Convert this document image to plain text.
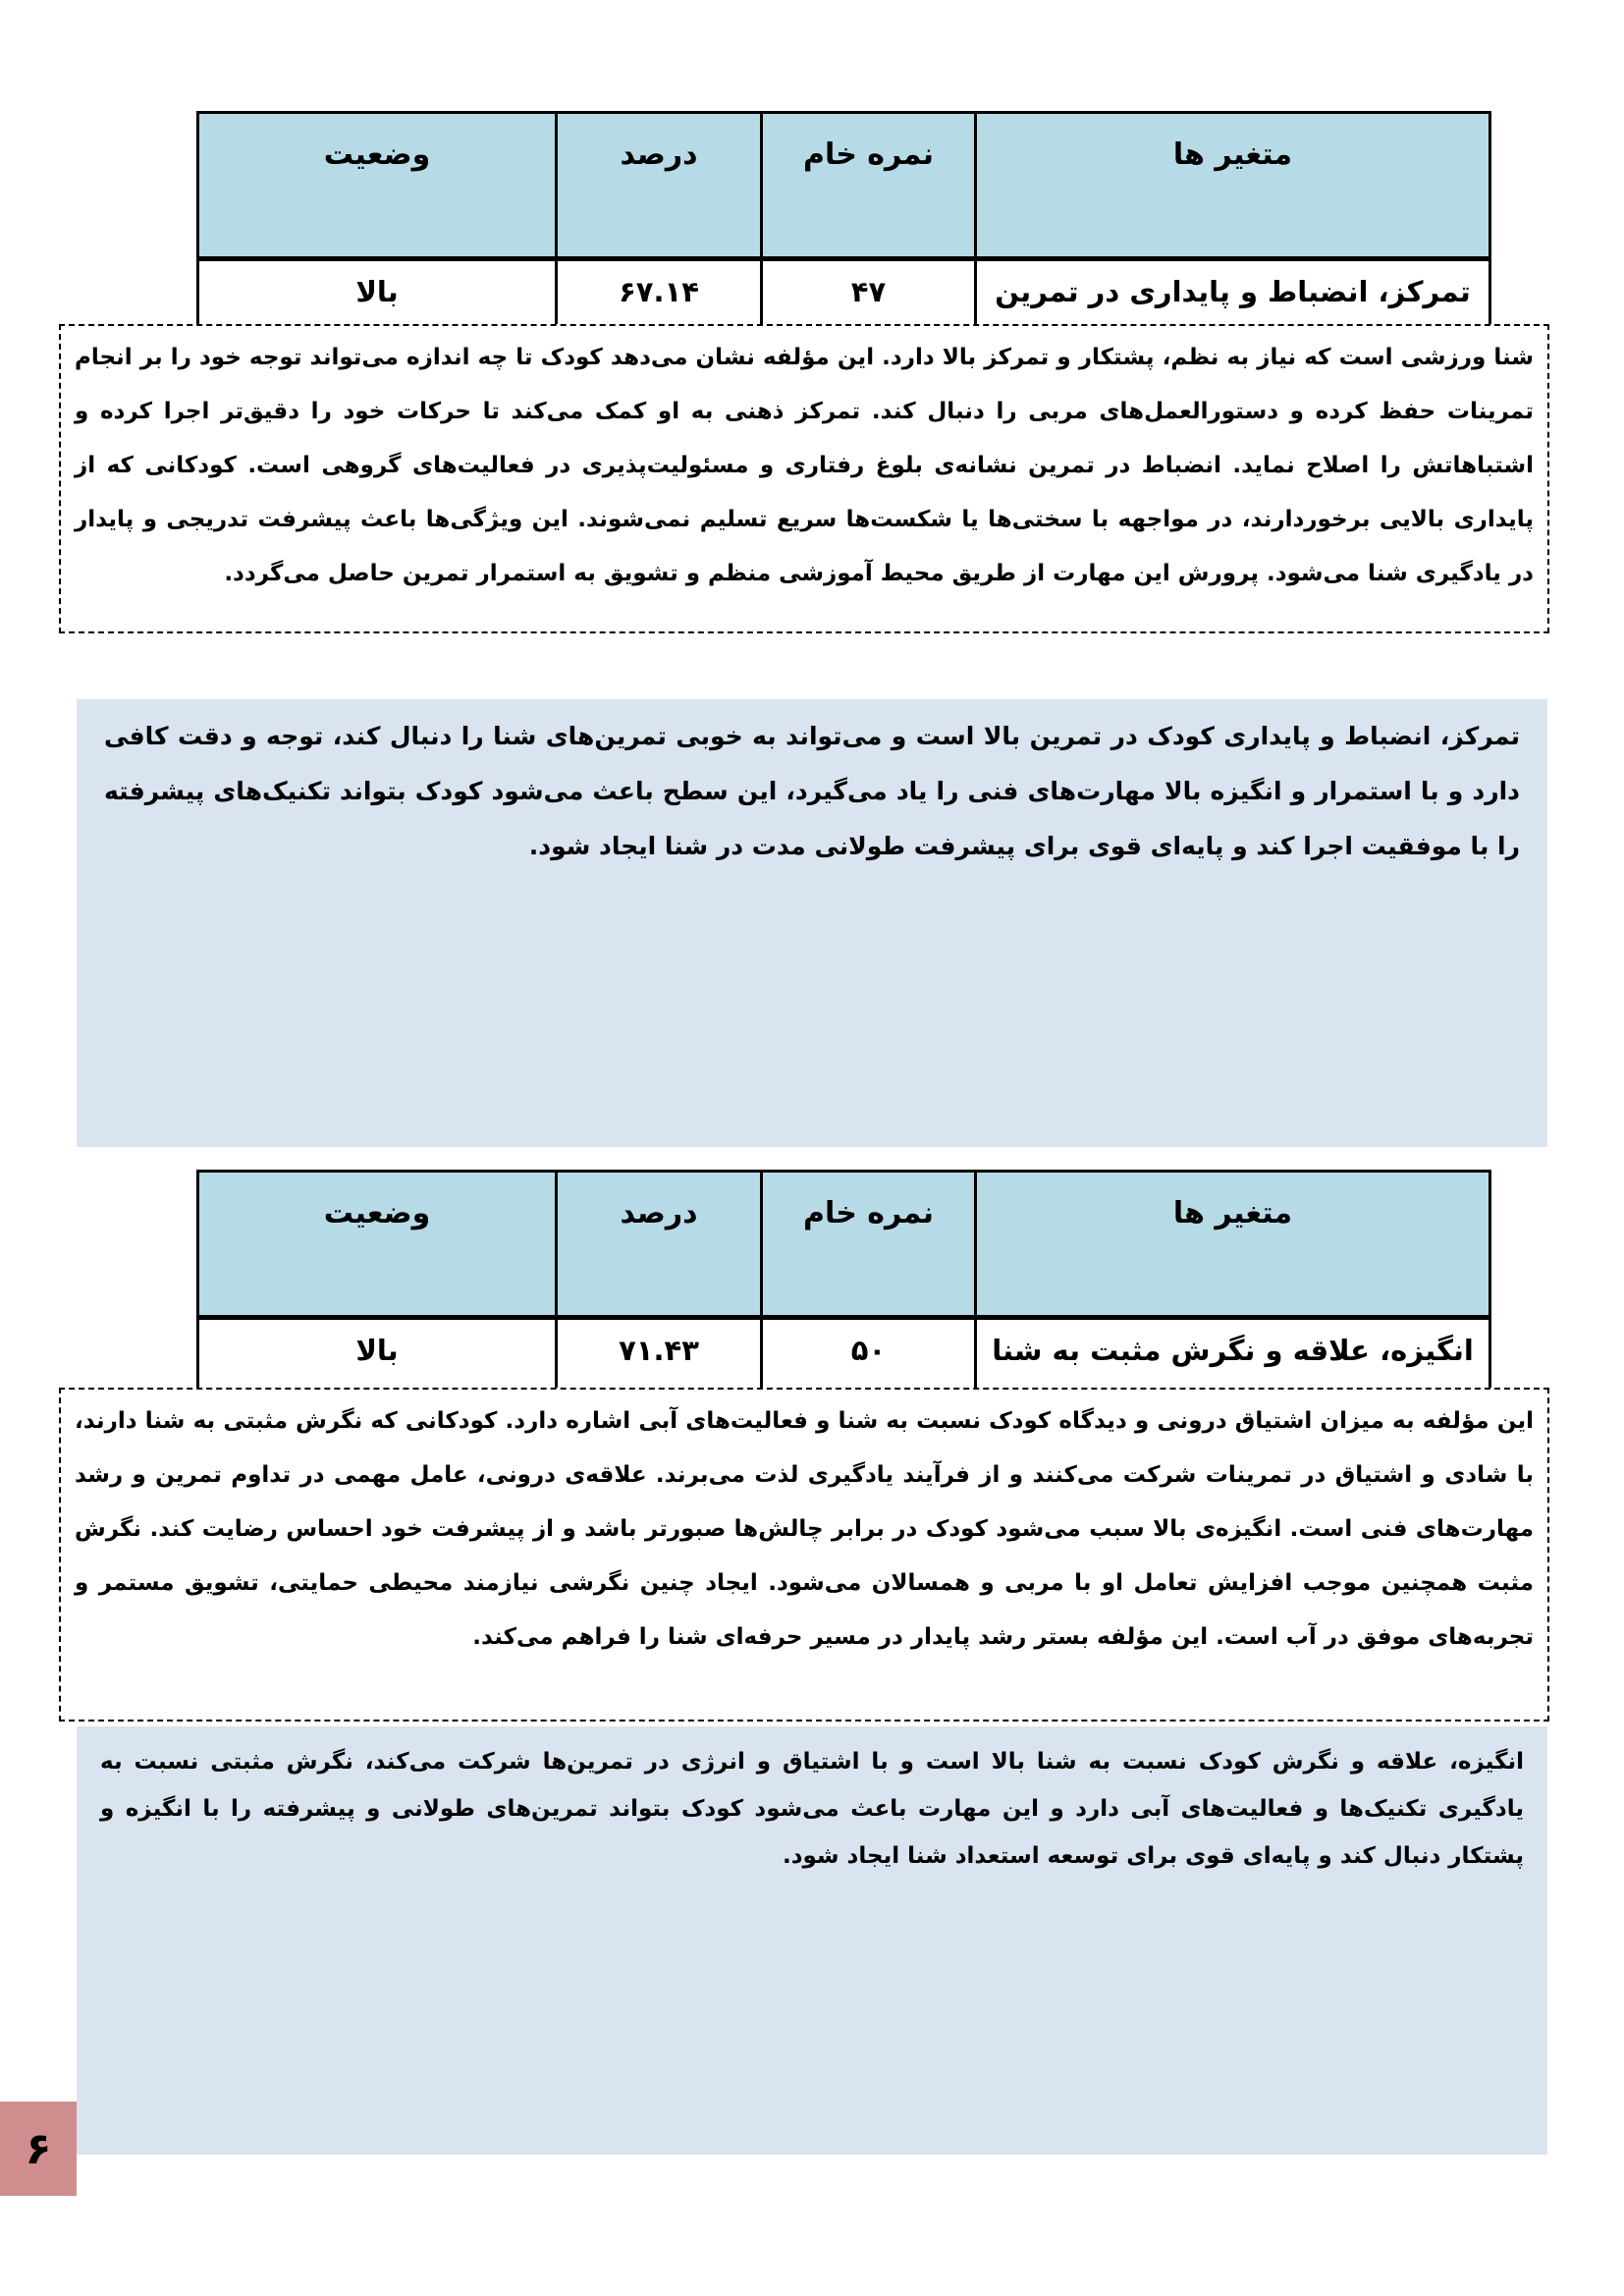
متغیر ها	نمره خام	درصد	وضعیت
تمرکز، انضباط و پایداری در تمرین	۴۷	۶۷.۱۴	بالا
شنا ورزشی است که نیاز به نظم، پشتکار و تمرکز بالا دارد. این مؤلفه نشان می‌دهد کودک تا چه اندازه می‌تواند توجه خود را بر انجام تمرینات حفظ کرده و دستورالعمل‌های مربی را دنبال کند. تمرکز ذهنی به او کمک می‌کند تا حرکات خود را دقیق‌تر اجرا کرده و اشتباهاتش را اصلاح نماید. انضباط در تمرین نشانه‌ی بلوغ رفتاری و مسئولیت‌پذیری در فعالیت‌های گروهی است. کودکانی که از پایداری بالایی برخوردارند، در مواجهه با سختی‌ها یا شکست‌ها سریع تسلیم نمی‌شوند. این ویژگی‌ها باعث پیشرفت تدریجی و پایدار در یادگیری شنا می‌شود. پرورش این مهارت از طریق محیط آموزشی منظم و تشویق به استمرار تمرین حاصل می‌گردد.
تمرکز، انضباط و پایداری کودک در تمرین بالا است و می‌تواند به خوبی تمرین‌های شنا را دنبال کند، توجه و دقت کافی دارد و با استمرار و انگیزه بالا مهارت‌های فنی را یاد می‌گیرد، این سطح باعث می‌شود کودک بتواند تکنیک‌های پیشرفته را با موفقیت اجرا کند و پایه‌ای قوی برای پیشرفت طولانی مدت در شنا ایجاد شود.
متغیر ها	نمره خام	درصد	وضعیت
انگیزه، علاقه و نگرش مثبت به شنا	۵۰	۷۱.۴۳	بالا
این مؤلفه به میزان اشتیاق درونی و دیدگاه کودک نسبت به شنا و فعالیت‌های آبی اشاره دارد. کودکانی که نگرش مثبتی به شنا دارند، با شادی و اشتیاق در تمرینات شرکت می‌کنند و از فرآیند یادگیری لذت می‌برند. علاقه‌ی درونی، عامل مهمی در تداوم تمرین و رشد مهارت‌های فنی است. انگیزه‌ی بالا سبب می‌شود کودک در برابر چالش‌ها صبورتر باشد و از پیشرفت خود احساس رضایت کند. نگرش مثبت همچنین موجب افزایش تعامل او با مربی و همسالان می‌شود. ایجاد چنین نگرشی نیازمند محیطی حمایتی، تشویق مستمر و تجربه‌های موفق در آب است. این مؤلفه بستر رشد پایدار در مسیر حرفه‌ای شنا را فراهم می‌کند.
انگیزه، علاقه و نگرش کودک نسبت به شنا بالا است و با اشتیاق و انرژی در تمرین‌ها شرکت می‌کند، نگرش مثبتی نسبت به یادگیری تکنیک‌ها و فعالیت‌های آبی دارد و این مهارت باعث می‌شود کودک بتواند تمرین‌های طولانی و پیشرفته را با انگیزه و پشتکار دنبال کند و پایه‌ای قوی برای توسعه استعداد شنا ایجاد شود.
۶
